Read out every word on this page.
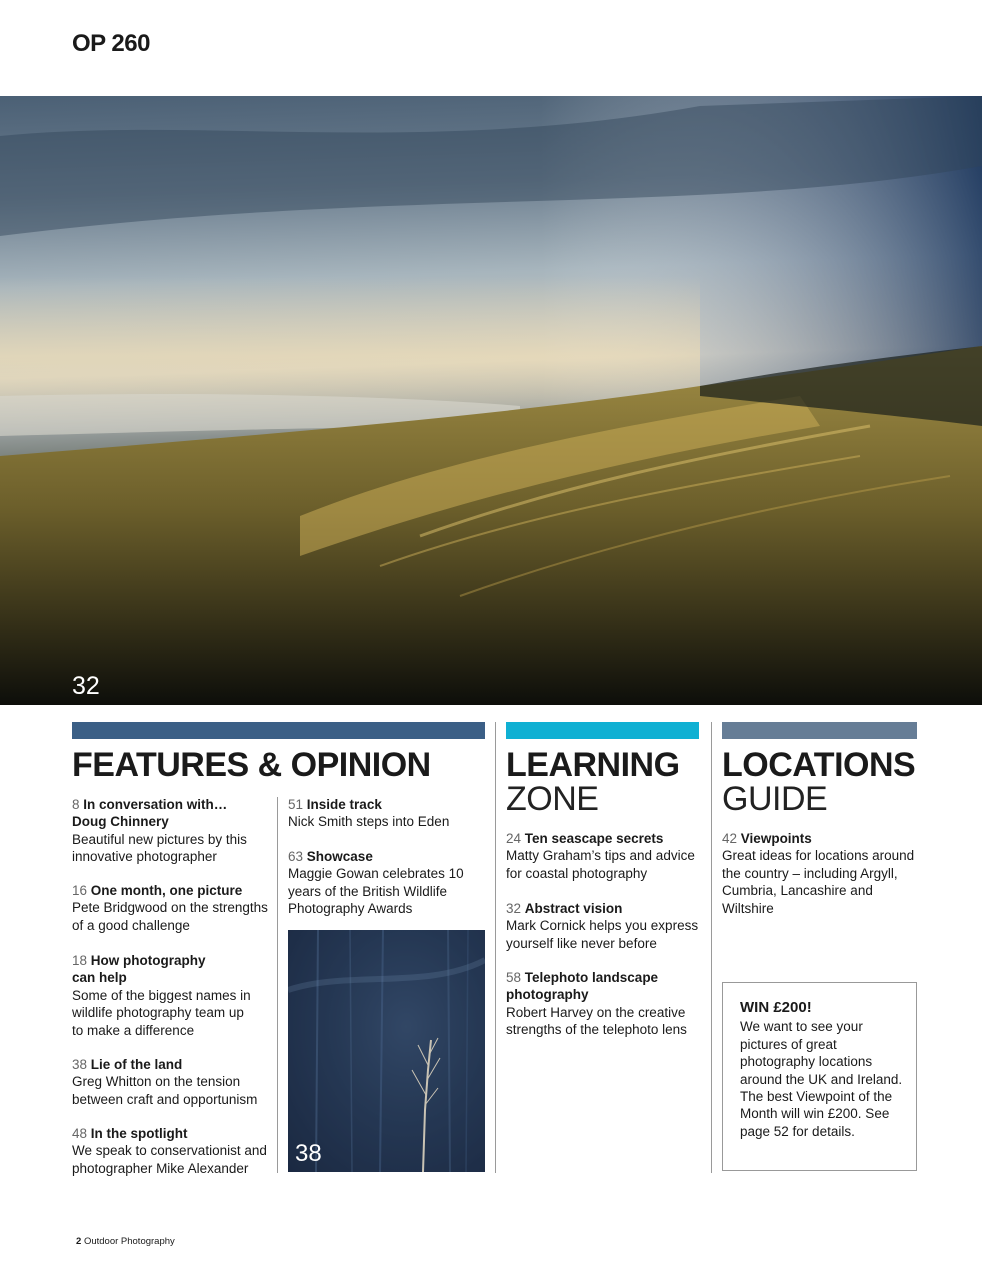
OP 260
32
FEATURES & OPINION LEARNING
ZONE
LOCATIONS
GUIDE
8 In conversation with…
Doug Chinnery
Beautiful new pictures by this innovative photographer
16 One month, one picture
Pete Bridgwood on the strengths of a good challenge
18 How photography
can help
Some of the biggest names in wildlife photography team up to make a difference
38 Lie of the land
Greg Whitton on the tension between craft and opportunism
48 In the spotlight
We speak to conservationist and photographer Mike Alexander
51 Inside track
Nick Smith steps into Eden
63 Showcase
Maggie Gowan celebrates 10 years of the British Wildlife Photography Awards
38
24 Ten seascape secrets
Matty Graham’s tips and advice for coastal photography
32 Abstract vision
Mark Cornick helps you express yourself like never before
58 Telephoto landscape
photography
Robert Harvey on the creative strengths of the telephoto lens
42 Viewpoints
Great ideas for locations around the country – including Argyll, Cumbria, Lancashire and Wiltshire
WIN £200!
We want to see your pictures of great photography locations around the UK and Ireland. The best Viewpoint of the Month will win £200. See page 52 for details.
2 Outdoor Photography
